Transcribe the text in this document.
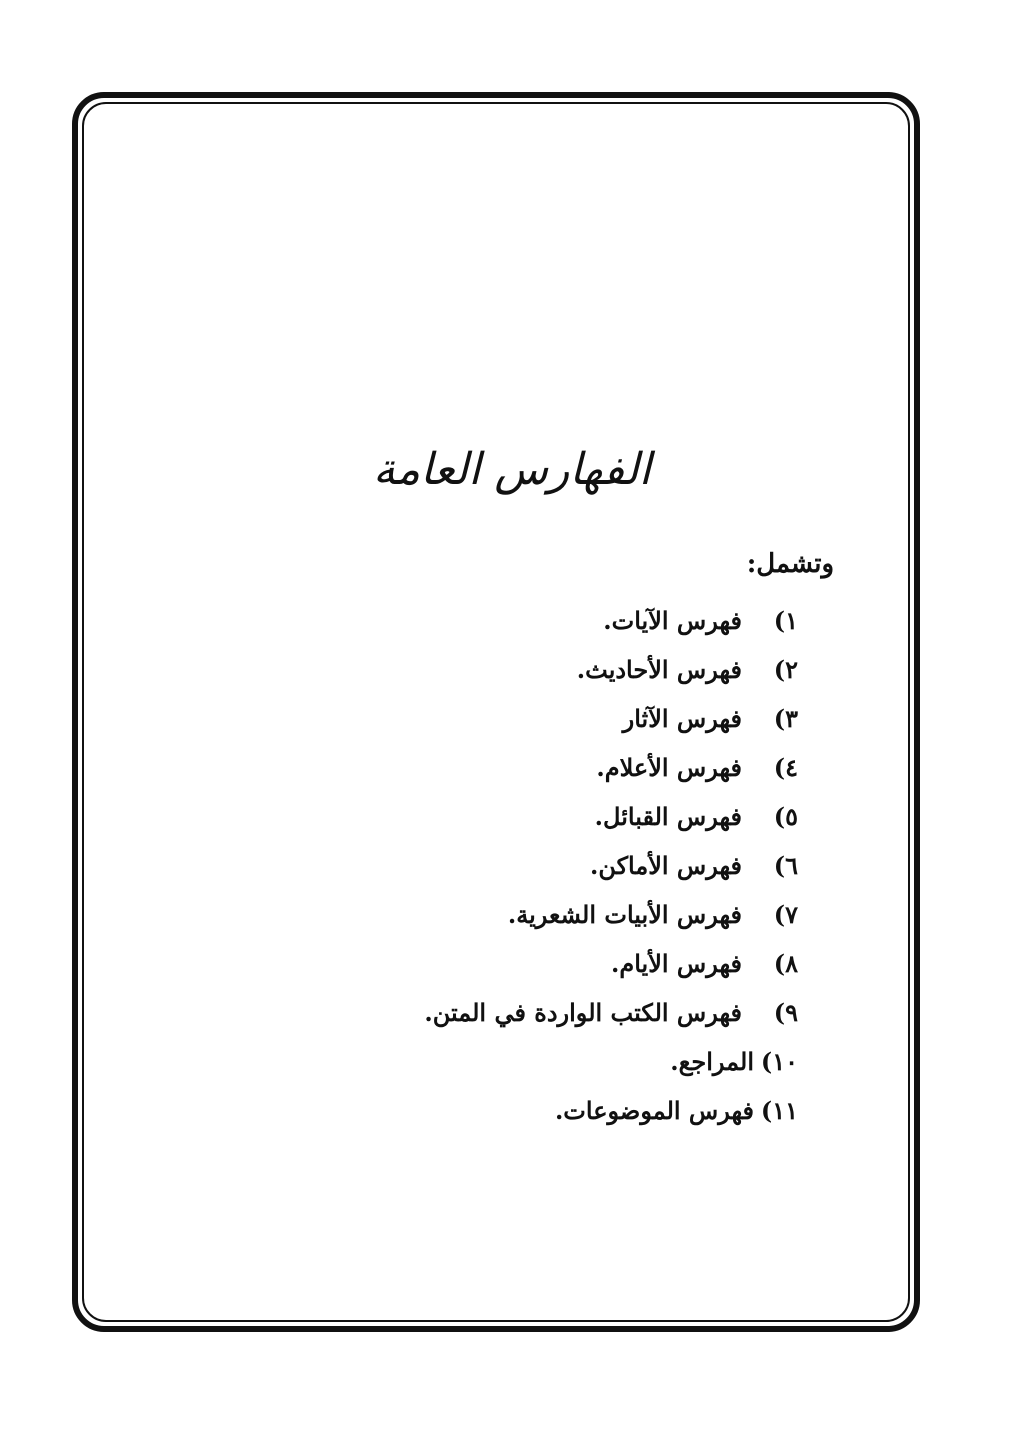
الفهارس العامة
وتشمل:
١)
فهرس الآيات.
٢)
فهرس الأحاديث.
٣)
فهرس الآثار
٤)
فهرس الأعلام.
٥)
فهرس القبائل.
٦)
فهرس الأماكن.
٧)
فهرس الأبيات الشعرية.
٨)
فهرس الأيام.
٩)
فهرس الكتب الواردة في المتن.
١٠)
المراجع.
١١)
فهرس الموضوعات.
